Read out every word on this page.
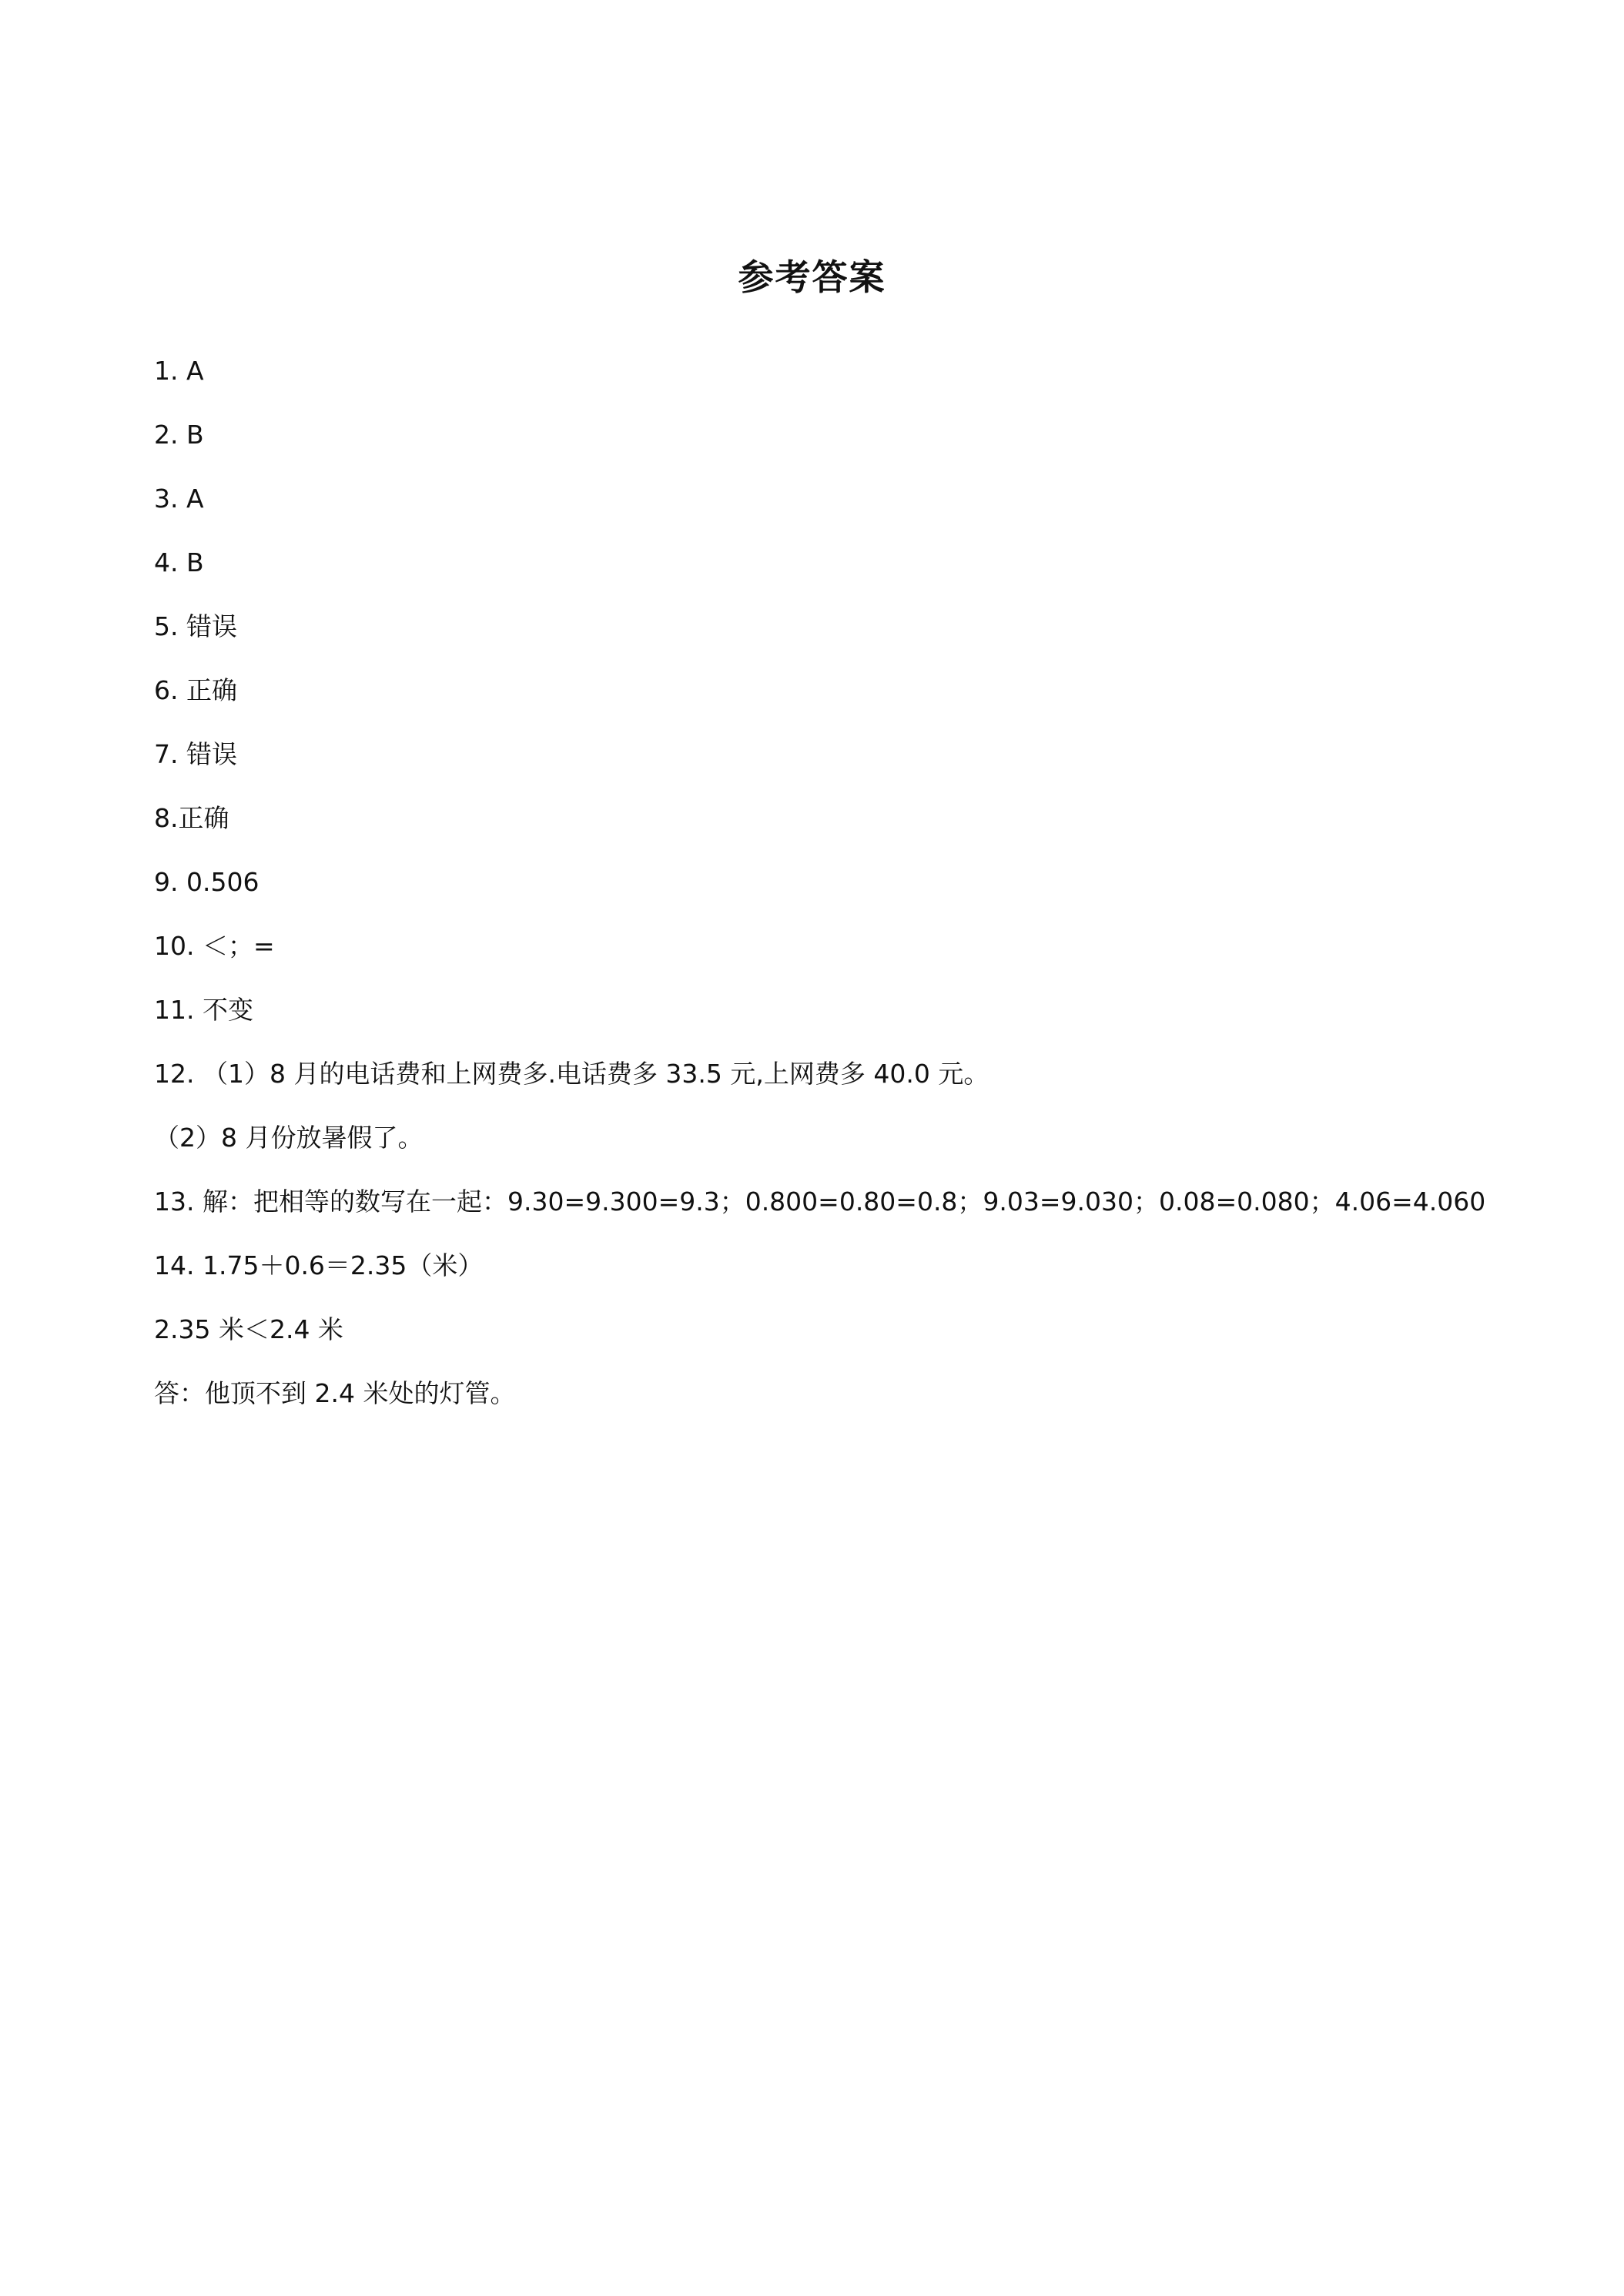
参考答案
1. A
2. B
3. A
4. B
5. 错误
6. 正确
7. 错误
8.正确
9. 0.506
10. ＜；=
11. 不变
12. （1）8 月的电话费和上网费多.电话费多 33.5 元,上网费多 40.0 元。
（2）8 月份放暑假了。
13. 解：把相等的数写在一起：9.30=9.300=9.3；0.800=0.80=0.8；9.03=9.030；0.08=0.080；4.06=4.060
14. 1.75＋0.6＝2.35（米）
2.35 米＜2.4 米
答：他顶不到 2.4 米处的灯管。
